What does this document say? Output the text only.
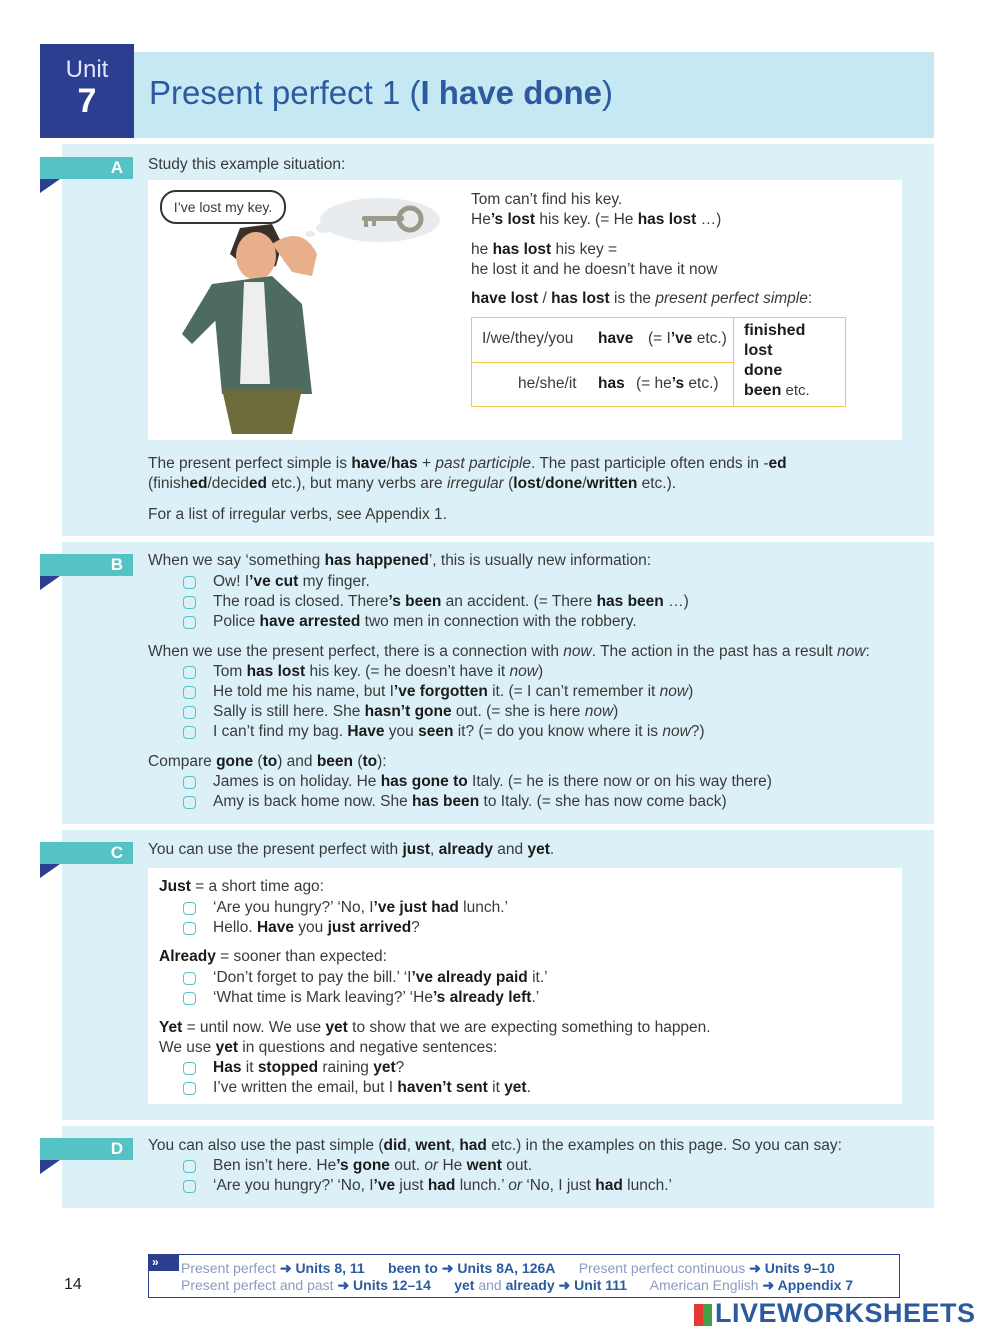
Unit
7	Present perfect 1 (I have done)
A	Study this example situation:
I’ve lost my key.	Tom can’t find his key.
He’s lost his key. (= He has lost …)
he has lost his key =
he lost it and he doesn’t have it now
have lost / has lost is the present perfect simple:
I/we/they/you have (= I’ve etc.)
he/she/it has (= he’s etc.)
finished
lost
done
been etc.
The present perfect simple is have/has + past participle. The past participle often ends in -ed
(finished/decided etc.), but many verbs are irregular (lost/done/written etc.).
For a list of irregular verbs, see Appendix 1.
B	When we say ‘something has happened’, this is usually new information:
Ow! I’ve cut my finger.
The road is closed. There’s been an accident. (= There has been …)
Police have arrested two men in connection with the robbery.
When we use the present perfect, there is a connection with now. The action in the past has a result now:
Tom has lost his key. (= he doesn’t have it now)
He told me his name, but I’ve forgotten it. (= I can’t remember it now)
Sally is still here. She hasn’t gone out. (= she is here now)
I can’t find my bag. Have you seen it? (= do you know where it is now?)
Compare gone (to) and been (to):
James is on holiday. He has gone to Italy. (= he is there now or on his way there)
Amy is back home now. She has been to Italy. (= she has now come back)
C	You can use the present perfect with just, already and yet.
Just = a short time ago:
‘Are you hungry?’ ‘No, I’ve just had lunch.’
Hello. Have you just arrived?
Already = sooner than expected:
‘Don’t forget to pay the bill.’ ‘I’ve already paid it.’
‘What time is Mark leaving?’ ‘He’s already left.’
Yet = until now. We use yet to show that we are expecting something to happen.
We use yet in questions and negative sentences:
Has it stopped raining yet?
I’ve written the email, but I haven’t sent it yet.
D	You can also use the past simple (did, went, had etc.) in the examples on this page. So you can say:
Ben isn’t here. He’s gone out. or He went out.
‘Are you hungry?’ ‘No, I’ve just had lunch.’ or ‘No, I just had lunch.’
14
»	Present perfect ➜ Units 8, 11 been to ➜ Units 8A, 126A      Present perfect continuous ➜ Units 9–10
Present perfect and past ➜ Units 12–14 yet and already ➜ Unit 111      American English ➜ Appendix 7
LIVEWORKSHEETS
